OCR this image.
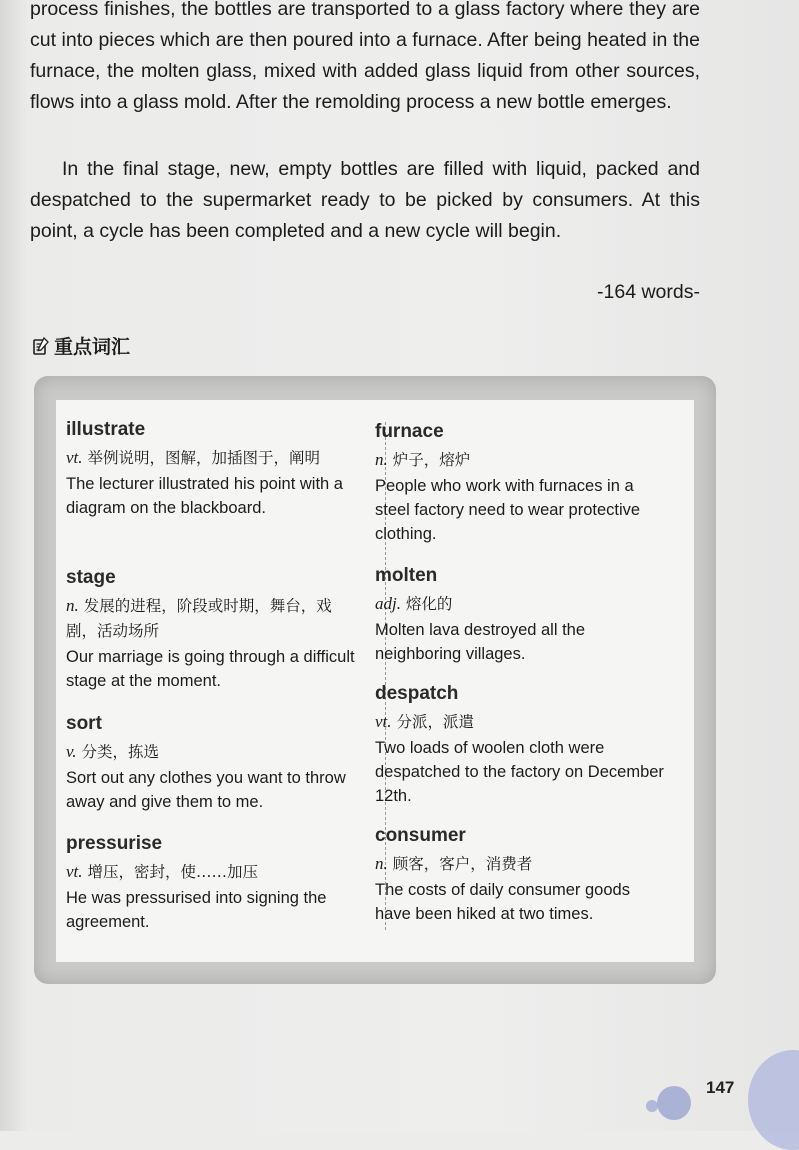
process finishes, the bottles are transported to a glass factory where they are cut into pieces which are then poured into a furnace. After being heated in the furnace, the molten glass, mixed with added glass liquid from other sources, flows into a glass mold. After the remolding process a new bottle emerges.

In the final stage, new, empty bottles are filled with liquid, packed and despatched to the supermarket ready to be picked by consumers. At this point, a cycle has been completed and a new cycle will begin.

-164 words-
重点词汇

illustrate

vt. 举例说明，图解，加插图于，阐明

The lecturer illustrated his point with a diagram on the blackboard.

stage

n. 发展的进程，阶段或时期，舞台，戏剧，活动场所

Our marriage is going through a difficult stage at the moment.

sort

v. 分类，拣选

Sort out any clothes you want to throw away and give them to me.

pressurise

vt. 增压，密封，使……加压

He was pressurised into signing the agreement.

furnace

n. 炉子，熔炉

People who work with furnaces in a steel factory need to wear protective clothing.

molten

adj. 熔化的

Molten lava destroyed all the neighboring villages.

despatch

vt. 分派，派遣

Two loads of woolen cloth were despatched to the factory on December 12th.

consumer

n. 顾客，客户，消费者

The costs of daily consumer goods have been hiked at two times.

147
